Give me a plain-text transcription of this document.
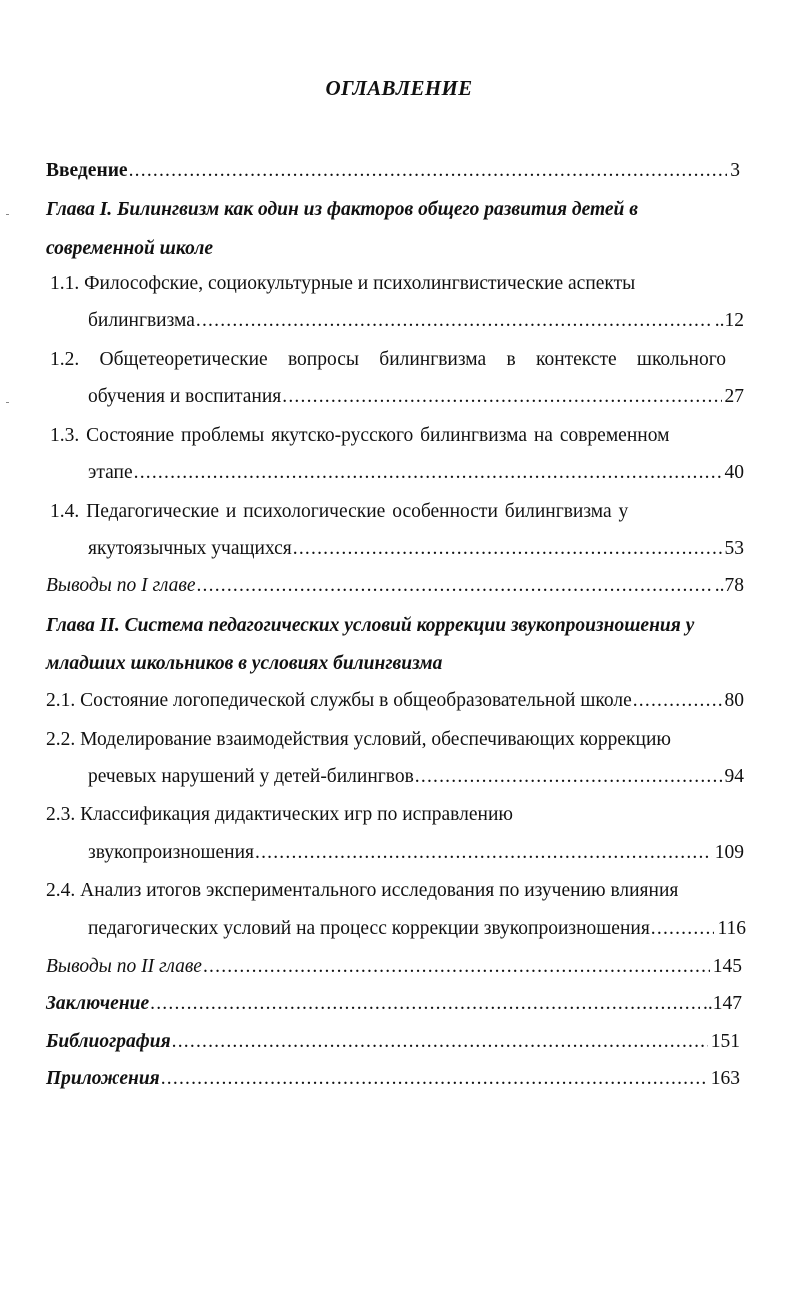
ОГЛАВЛЕНИЕ
Введение .....	3
Глава I. Билингвизм как один из факторов общего развития детей в
современной школе
1.1. Философские, социокультурные и психолингвистические аспекты
билингвизма .....	..12
1.2. Общетеоретические вопросы билингвизма в контексте школьного
обучения и воспитания .....	27
1.3. Состояние проблемы якутско-русского билингвизма на современном
этапе .....	40
1.4. Педагогические и психологические особенности билингвизма у
якутоязычных учащихся .....	53
Выводы по I главе .....	..78
Глава II. Система педагогических условий коррекции звукопроизношения у
младших школьников в условиях билингвизма
2.1. Состояние логопедической службы в общеобразовательной школе .....	80
2.2. Моделирование взаимодействия условий, обеспечивающих коррекцию
речевых нарушений у детей-билингвов .....	94
2.3. Классификация дидактических игр по исправлению
звукопроизношения .....	109
2.4. Анализ итогов экспериментального исследования по изучению влияния
педагогических условий на процесс коррекции звукопроизношения .....	116
Выводы по II главе .....	145
Заключение .....	..147
Библиография .....	151
Приложения .....	163
